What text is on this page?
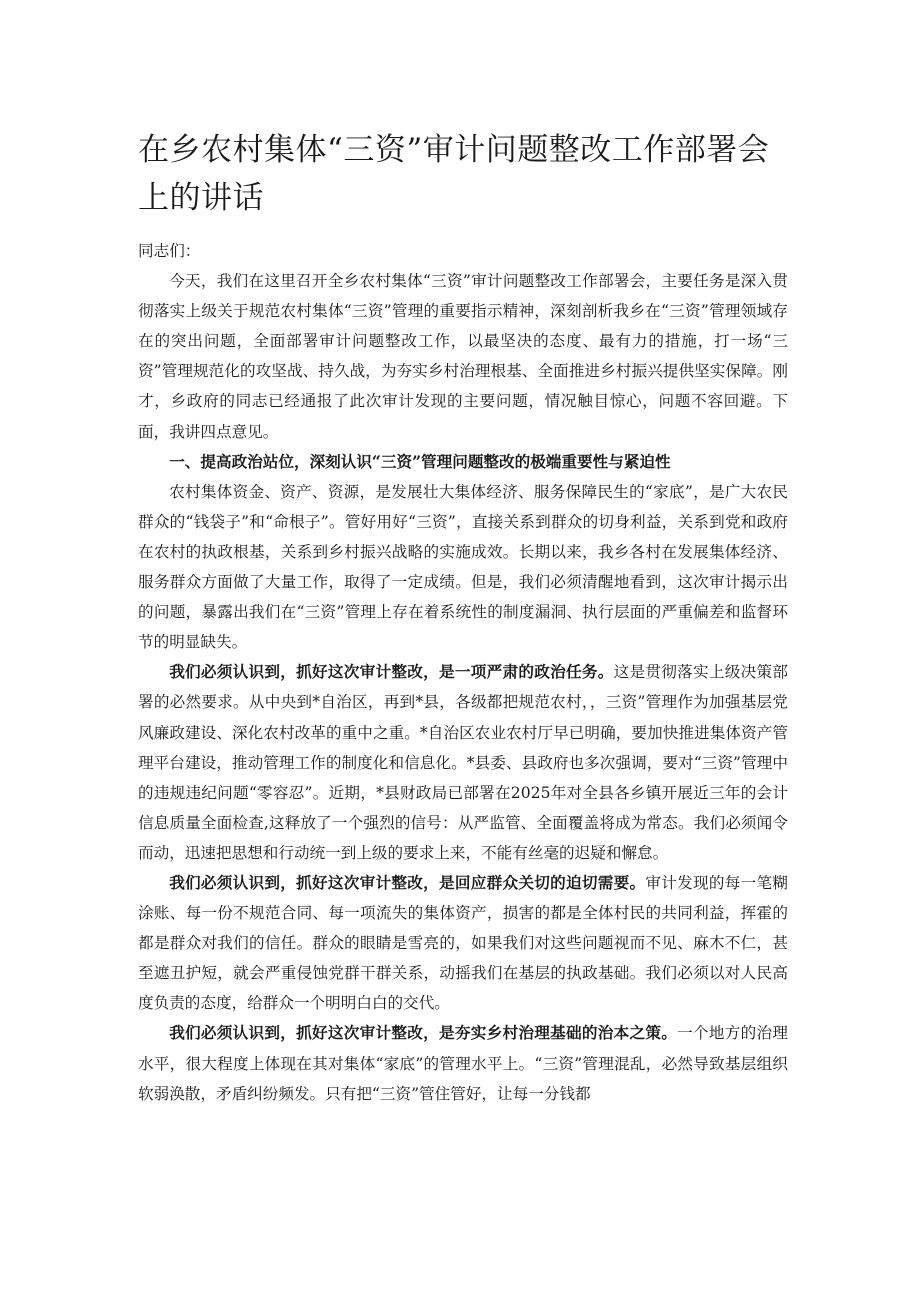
在乡农村集体“三资”审计问题整改工作部署会上的讲话

同志们：

今天，我们在这里召开全乡农村集体“三资”审计问题整改工作部署会，主要任务是深入贯彻落实上级关于规范农村集体“三资”管理的重要指示精神，深刻剖析我乡在“三资”管理领域存在的突出问题，全面部署审计问题整改工作，以最坚决的态度、最有力的措施，打一场“三资”管理规范化的攻坚战、持久战，为夯实乡村治理根基、全面推进乡村振兴提供坚实保障。刚才，乡政府的同志已经通报了此次审计发现的主要问题，情况触目惊心，问题不容回避。下面，我讲四点意见。

一、提高政治站位，深刻认识“三资”管理问题整改的极端重要性与紧迫性

农村集体资金、资产、资源，是发展壮大集体经济、服务保障民生的“家底”，是广大农民群众的“钱袋子”和“命根子”。管好用好“三资”，直接关系到群众的切身利益，关系到党和政府在农村的执政根基，关系到乡村振兴战略的实施成效。长期以来，我乡各村在发展集体经济、服务群众方面做了大量工作，取得了一定成绩。但是，我们必须清醒地看到，这次审计揭示出的问题，暴露出我们在“三资”管理上存在着系统性的制度漏洞、执行层面的严重偏差和监督环节的明显缺失。

我们必须认识到，抓好这次审计整改，是一项严肃的政治任务。这是贯彻落实上级决策部署的必然要求。从中央到*自治区，再到*县，各级都把规范农村，，三资”管理作为加强基层党风廉政建设、深化农村改革的重中之重。*自治区农业农村厅早已明确，要加快推进集体资产管理平台建设，推动管理工作的制度化和信息化。*县委、县政府也多次强调，要对“三资”管理中的违规违纪问题“零容忍”。近期，*县财政局已部署在2025年对全县各乡镇开展近三年的会计信息质量全面检查,这释放了一个强烈的信号：从严监管、全面覆盖将成为常态。我们必须闻令而动，迅速把思想和行动统一到上级的要求上来，不能有丝毫的迟疑和懈怠。

我们必须认识到，抓好这次审计整改，是回应群众关切的迫切需要。审计发现的每一笔糊涂账、每一份不规范合同、每一项流失的集体资产，损害的都是全体村民的共同利益，挥霍的都是群众对我们的信任。群众的眼睛是雪亮的，如果我们对这些问题视而不见、麻木不仁，甚至遮丑护短，就会严重侵蚀党群干群关系，动摇我们在基层的执政基础。我们必须以对人民高度负责的态度，给群众一个明明白白的交代。

我们必须认识到，抓好这次审计整改，是夯实乡村治理基础的治本之策。一个地方的治理水平，很大程度上体现在其对集体“家底”的管理水平上。“三资”管理混乱，必然导致基层组织软弱涣散，矛盾纠纷频发。只有把“三资”管住管好，让每一分钱都
